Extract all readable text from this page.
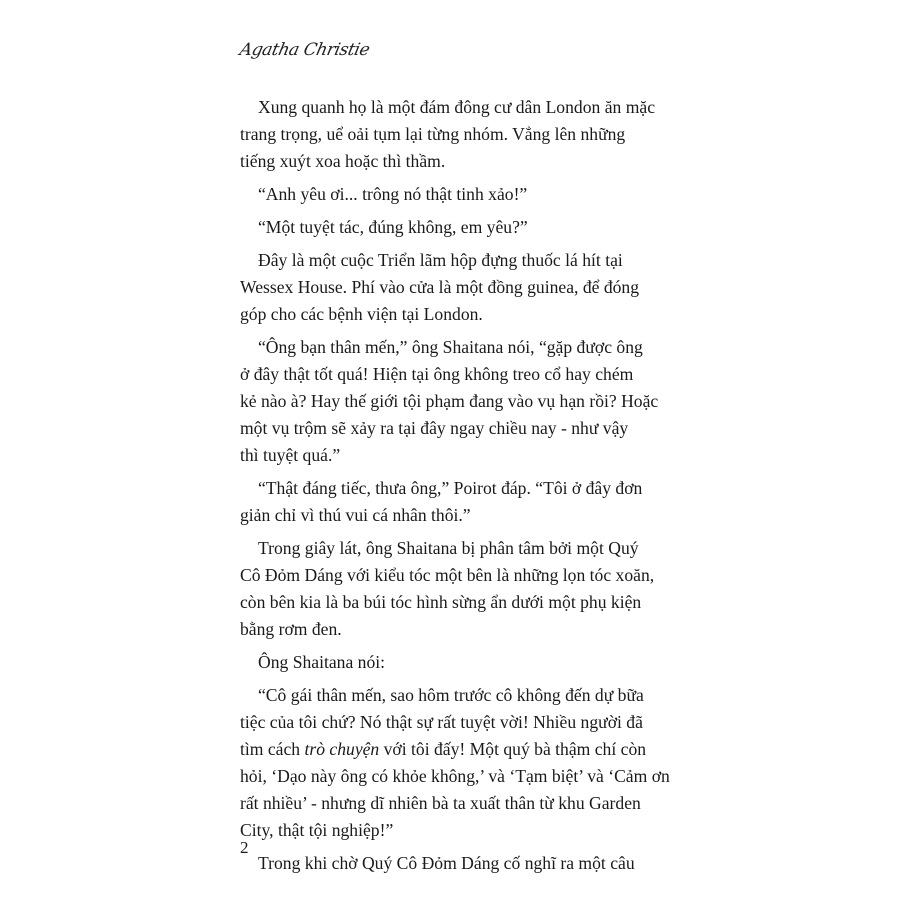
Agatha Christie

Xung quanh họ là một đám đông cư dân London ăn mặc
trang trọng, uể oải tụm lại từng nhóm. Vẳng lên những
tiếng xuýt xoa hoặc thì thầm.

“Anh yêu ơi... trông nó thật tinh xảo!”

“Một tuyệt tác, đúng không, em yêu?”

Đây là một cuộc Triển lãm hộp đựng thuốc lá hít tại
Wessex House. Phí vào cửa là một đồng guinea, để đóng
góp cho các bệnh viện tại London.

“Ông bạn thân mến,” ông Shaitana nói, “gặp được ông
ở đây thật tốt quá! Hiện tại ông không treo cổ hay chém
kẻ nào à? Hay thế giới tội phạm đang vào vụ hạn rồi? Hoặc
một vụ trộm sẽ xảy ra tại đây ngay chiều nay - như vậy
thì tuyệt quá.”

“Thật đáng tiếc, thưa ông,” Poirot đáp. “Tôi ở đây đơn
giản chỉ vì thú vui cá nhân thôi.”

Trong giây lát, ông Shaitana bị phân tâm bởi một Quý
Cô Đỏm Dáng với kiểu tóc một bên là những lọn tóc xoăn,
còn bên kia là ba búi tóc hình sừng ẩn dưới một phụ kiện
bằng rơm đen.

Ông Shaitana nói:

“Cô gái thân mến, sao hôm trước cô không đến dự bữa
tiệc của tôi chứ? Nó thật sự rất tuyệt vời! Nhiều người đã
tìm cách trò chuyện với tôi đấy! Một quý bà thậm chí còn
hỏi, ‘Dạo này ông có khỏe không,’ và ‘Tạm biệt’ và ‘Cảm ơn
rất nhiều’ - nhưng dĩ nhiên bà ta xuất thân từ khu Garden
City, thật tội nghiệp!”

Trong khi chờ Quý Cô Đỏm Dáng cố nghĩ ra một câu

2
